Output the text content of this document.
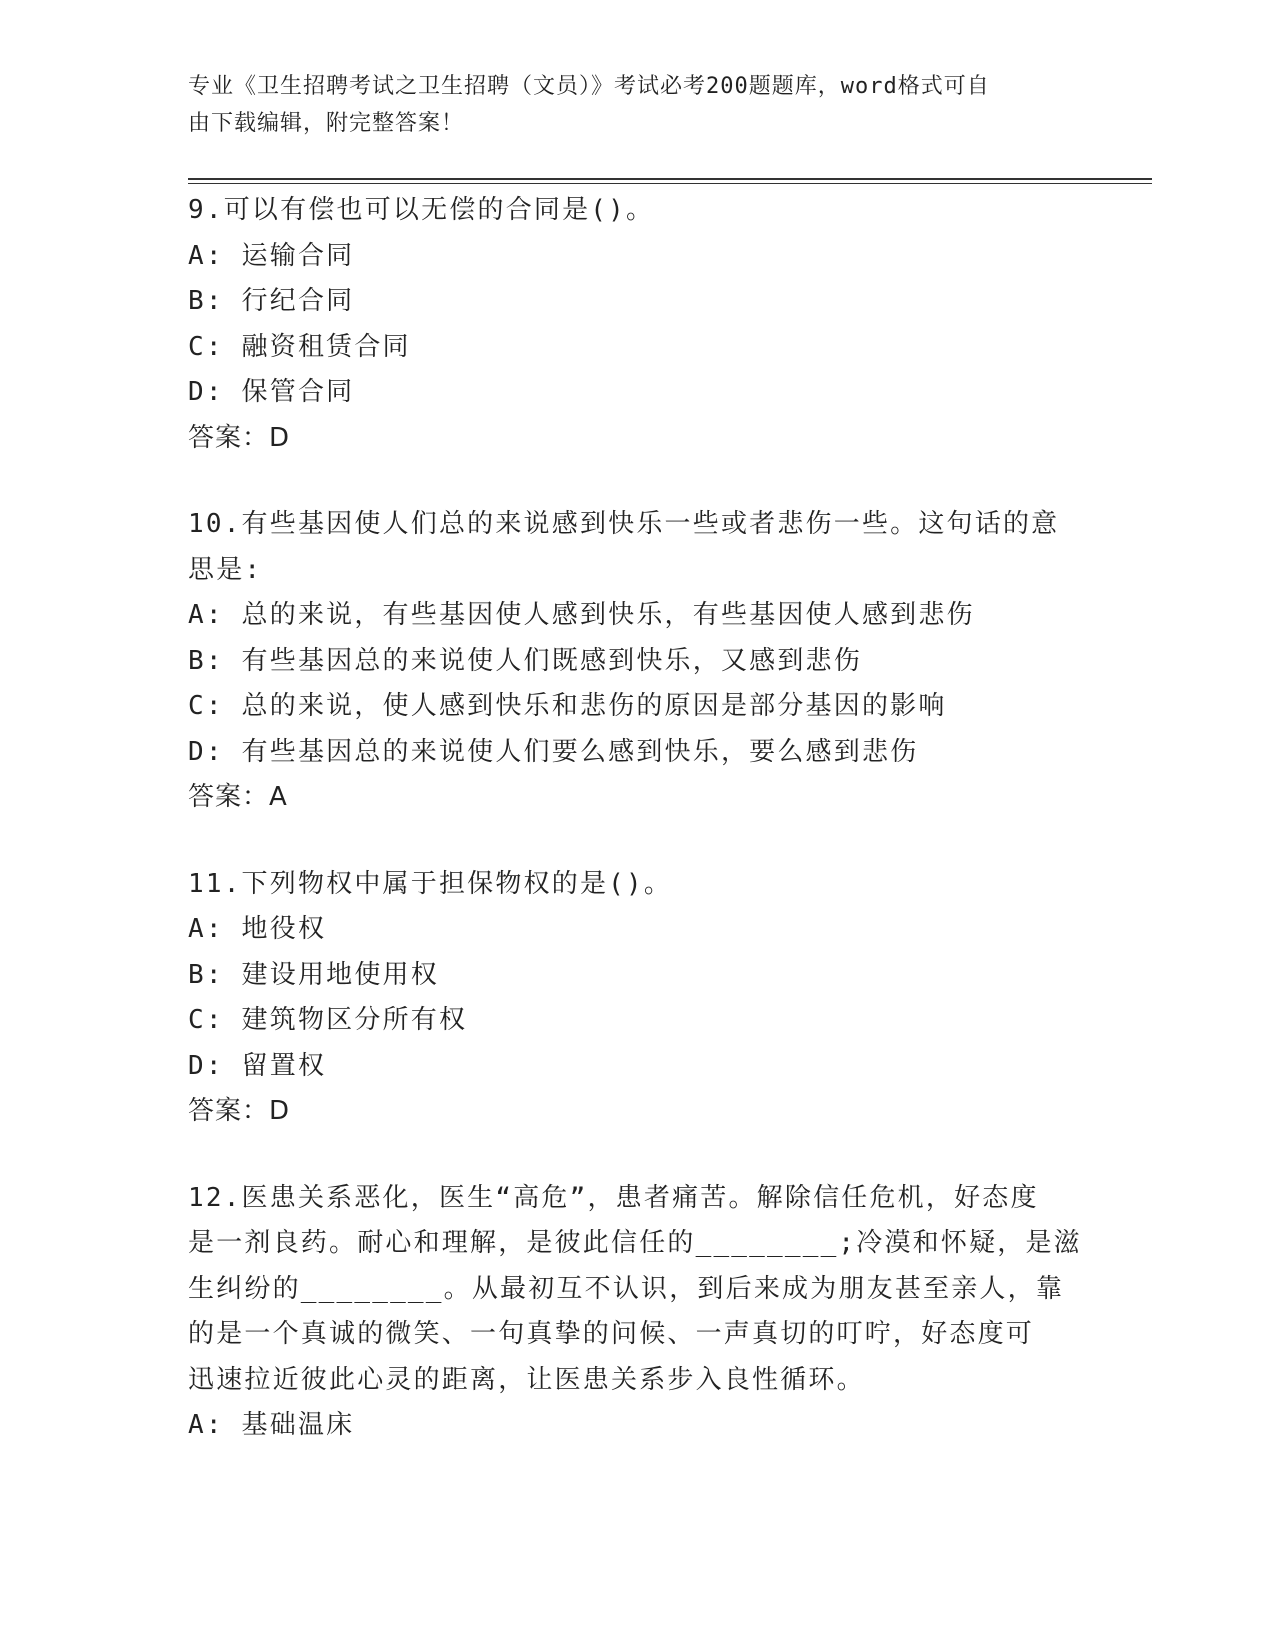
专业《卫生招聘考试之卫生招聘（文员）》考试必考200题题库，word格式可自
由下载编辑，附完整答案！
9.可以有偿也可以无偿的合同是()。
A: 运输合同
B: 行纪合同
C: 融资租赁合同
D: 保管合同
答案：D
10.有些基因使人们总的来说感到快乐一些或者悲伤一些。这句话的意
思是:
A: 总的来说，有些基因使人感到快乐，有些基因使人感到悲伤
B: 有些基因总的来说使人们既感到快乐，又感到悲伤
C: 总的来说，使人感到快乐和悲伤的原因是部分基因的影响
D: 有些基因总的来说使人们要么感到快乐，要么感到悲伤
答案：A
11.下列物权中属于担保物权的是()。
A: 地役权
B: 建设用地使用权
C: 建筑物区分所有权
D: 留置权
答案：D
12.医患关系恶化，医生“高危”，患者痛苦。解除信任危机，好态度
是一剂良药。耐心和理解，是彼此信任的________;冷漠和怀疑，是滋
生纠纷的________。从最初互不认识，到后来成为朋友甚至亲人，靠
的是一个真诚的微笑、一句真挚的问候、一声真切的叮咛，好态度可
迅速拉近彼此心灵的距离，让医患关系步入良性循环。
A: 基础温床
